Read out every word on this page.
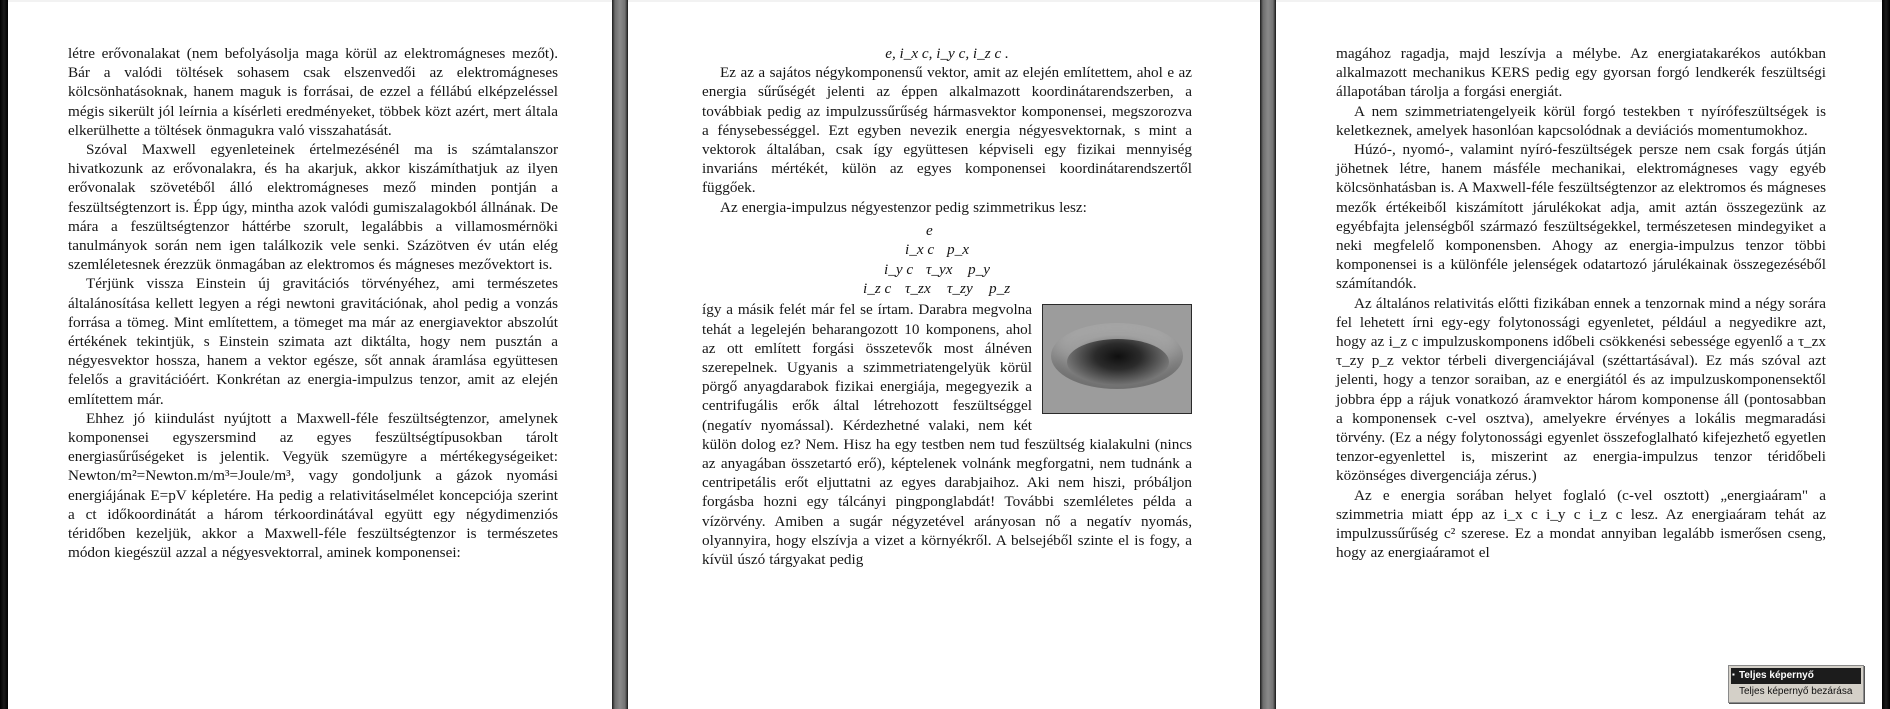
létre erővonalakat (nem befolyásolja maga körül az elektromágneses mezőt). Bár a valódi töltések sohasem csak elszenvedői az elektromágneses kölcsönhatásoknak, hanem maguk is forrásai, de ezzel a féllábú elképzeléssel mégis sikerült jól leírnia a kísérleti eredményeket, többek közt azért, mert általa elkerülhette a töltések önmagukra való visszahatását.

Szóval Maxwell egyenleteinek értelmezésénél ma is számtalanszor hivatkozunk az erővonalakra, és ha akarjuk, akkor kiszámíthatjuk az ilyen erővonalak szövetéből álló elektromágneses mező minden pontján a feszültségtenzort is. Épp úgy, mintha azok valódi gumiszalagokból állnának. De mára a feszültségtenzor háttérbe szorult, legalábbis a villamosmérnöki tanulmányok során nem igen találkozik vele senki. Százötven év után elég szemléletesnek érezzük önmagában az elektromos és mágneses mezővektort is.

Térjünk vissza Einstein új gravitációs törvényéhez, ami természetes általánosítása kellett legyen a régi newtoni gravitációnak, ahol pedig a vonzás forrása a tömeg. Mint említettem, a tömeget ma már az energiavektor abszolút értékének tekintjük, s Einstein szimata azt diktálta, hogy nem pusztán a négyesvektor hossza, hanem a vektor egésze, sőt annak áramlása együttesen felelős a gravitációért. Konkrétan az energia-impulzus tenzor, amit az elején említettem már.

Ehhez jó kiindulást nyújtott a Maxwell-féle feszültségtenzor, amelynek komponensei egyszersmind az egyes feszültségtípusokban tárolt energiasűrűségeket is jelentik. Vegyük szemügyre a mértékegységeiket: Newton/m²=Newton.m/m³=Joule/m³, vagy gondoljunk a gázok nyomási energiájának E=pV képletére. Ha pedig a relativitáselmélet koncepciója szerint a ct időkoordinátát a három térkoordinátával együtt egy négydimenziós téridőben kezeljük, akkor a Maxwell-féle feszültségtenzor is természetes módon kiegészül azzal a négyesvektorral, aminek komponensei:

e, i_x c, i_y c, i_z c .

Ez az a sajátos négykomponensű vektor, amit az elején említettem, ahol e az energia sűrűségét jelenti az éppen alkalmazott koordinátarendszerben, a továbbiak pedig az impulzussűrűség hármasvektor komponensei, megszorozva a fénysebességgel. Ezt egyben nevezik energia négyesvektornak, s mint a vektorok általában, csak így együttesen képviseli egy fizikai mennyiség invariáns mértékét, külön az egyes komponensei koordinátarendszertől függőek.

Az energia-impulzus négyestenzor pedig szimmetrikus lesz:

e
i_x c p_x
i_y c τ_yx p_y
i_z c τ_zx τ_zy p_z

így a másik felét már fel se írtam. Darabra megvolna tehát a legelején beharangozott 10 komponens, ahol az ott említett forgási összetevők most álnéven szerepelnek. Ugyanis a szimmetriatengelyük körül pörgő anyagdarabok fizikai energiája, megegyezik a centrifugális erők által létrehozott feszültséggel (negatív nyomással). Kérdezhetné valaki, nem két külön dolog ez? Nem. Hisz ha egy testben nem tud feszültség kialakulni (nincs az anyagában összetartó erő), képtelenek volnánk megforgatni, nem tudnánk a centripetális erőt eljuttatni az egyes darabjaihoz. Aki nem hiszi, próbáljon forgásba hozni egy tálcányi pingponglabdát! További szemléletes példa a vízörvény. Amiben a sugár négyzetével arányosan nő a negatív nyomás, olyannyira, hogy elszívja a vizet a környékről. A belsejéből szinte el is fogy, a kívül úszó tárgyakat pedig

magához ragadja, majd leszívja a mélybe. Az energiatakarékos autókban alkalmazott mechanikus KERS pedig egy gyorsan forgó lendkerék feszültségi állapotában tárolja a forgási energiát.

A nem szimmetriatengelyeik körül forgó testekben τ nyírófeszültségek is keletkeznek, amelyek hasonlóan kapcsolódnak a deviációs momentumokhoz.

Húzó-, nyomó-, valamint nyíró-feszültségek persze nem csak forgás útján jöhetnek létre, hanem másféle mechanikai, elektromágneses vagy egyéb kölcsönhatásban is. A Maxwell-féle feszültségtenzor az elektromos és mágneses mezők értékeiből kiszámított járulékokat adja, amit aztán összegezünk az egyébfajta jelenségből származó feszültségekkel, természetesen mindegyiket a neki megfelelő komponensben. Ahogy az energia-impulzus tenzor többi komponensei is a különféle jelenségek odatartozó járulékainak összegezéséből számítandók.

Az általános relativitás előtti fizikában ennek a tenzornak mind a négy sorára fel lehetett írni egy-egy folytonossági egyenletet, például a negyedikre azt, hogy az i_z c impulzuskomponens időbeli csökkenési sebessége egyenlő a τ_zx τ_zy p_z vektor térbeli divergenciájával (széttartásával). Ez más szóval azt jelenti, hogy a tenzor soraiban, az e energiától és az impulzuskomponensektől jobbra épp a rájuk vonatkozó áramvektor három komponense áll (pontosabban a komponensek c-vel osztva), amelyekre érvényes a lokális megmaradási törvény. (Ez a négy folytonossági egyenlet összefoglalható kifejezhető egyetlen tenzor-egyenlettel is, miszerint az energia-impulzus tenzor téridőbeli közönséges divergenciája zérus.)

Az e energia sorában helyet foglaló (c-vel osztott) „energiaáram" a szimmetria miatt épp az i_x c i_y c i_z c lesz. Az energiaáram tehát az impulzussűrűség c² szerese. Ez a mondat annyiban legalább ismerősen cseng, hogy az energiaáramot el

▪ Teljes képernyő
Teljes képernyő bezárása
